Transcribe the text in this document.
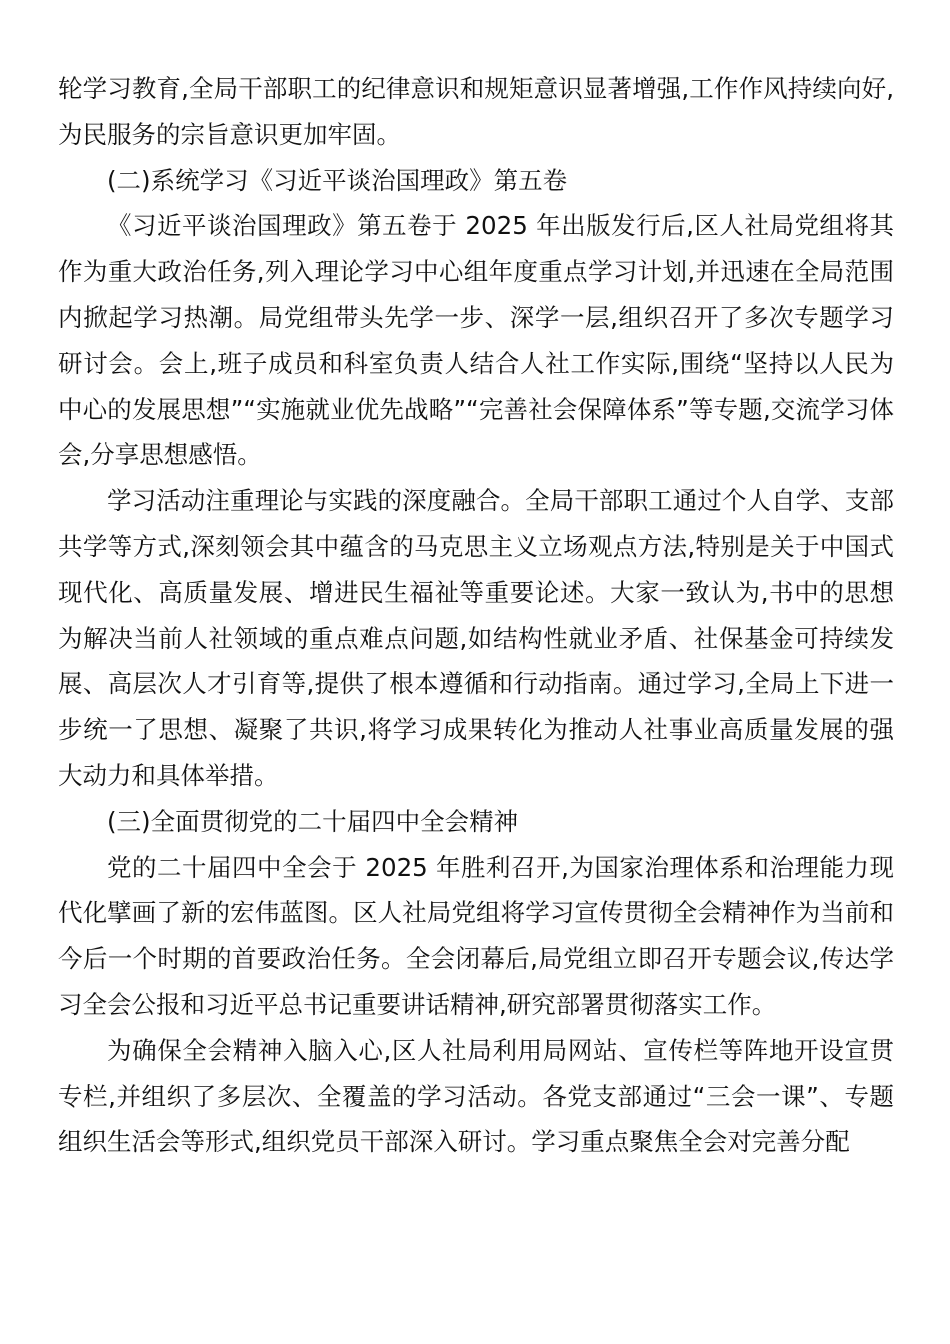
轮学习教育,全局干部职工的纪律意识和规矩意识显著增强,工作作风持续向好,为民服务的宗旨意识更加牢固。

(二)系统学习《习近平谈治国理政》第五卷

《习近平谈治国理政》第五卷于 2025 年出版发行后,区人社局党组将其作为重大政治任务,列入理论学习中心组年度重点学习计划,并迅速在全局范围内掀起学习热潮。局党组带头先学一步、深学一层,组织召开了多次专题学习研讨会。会上,班子成员和科室负责人结合人社工作实际,围绕“坚持以人民为中心的发展思想”“实施就业优先战略”“完善社会保障体系”等专题,交流学习体会,分享思想感悟。

学习活动注重理论与实践的深度融合。全局干部职工通过个人自学、支部共学等方式,深刻领会其中蕴含的马克思主义立场观点方法,特别是关于中国式现代化、高质量发展、增进民生福祉等重要论述。大家一致认为,书中的思想为解决当前人社领域的重点难点问题,如结构性就业矛盾、社保基金可持续发展、高层次人才引育等,提供了根本遵循和行动指南。通过学习,全局上下进一步统一了思想、凝聚了共识,将学习成果转化为推动人社事业高质量发展的强大动力和具体举措。

(三)全面贯彻党的二十届四中全会精神

党的二十届四中全会于 2025 年胜利召开,为国家治理体系和治理能力现代化擘画了新的宏伟蓝图。区人社局党组将学习宣传贯彻全会精神作为当前和今后一个时期的首要政治任务。全会闭幕后,局党组立即召开专题会议,传达学习全会公报和习近平总书记重要讲话精神,研究部署贯彻落实工作。

为确保全会精神入脑入心,区人社局利用局网站、宣传栏等阵地开设宣贯专栏,并组织了多层次、全覆盖的学习活动。各党支部通过“三会一课”、专题组织生活会等形式,组织党员干部深入研讨。学习重点聚焦全会对完善分配
